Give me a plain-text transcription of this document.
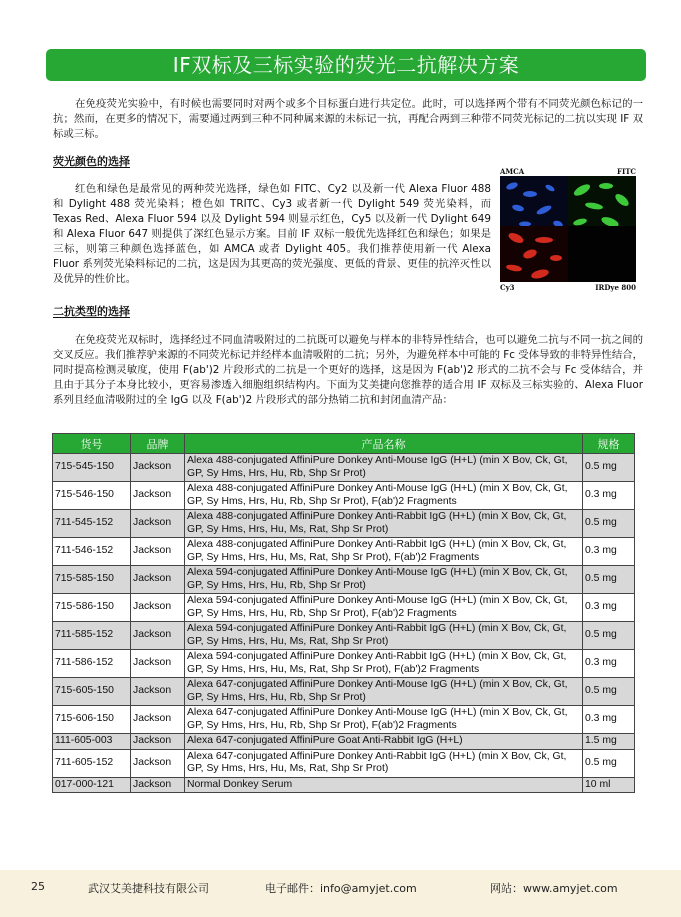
IF双标及三标实验的荧光二抗解决方案

在免疫荧光实验中，有时候也需要同时对两个或多个目标蛋白进行共定位。此时，可以选择两个带有不同荧光颜色标记的一抗；然而，在更多的情况下，需要通过两到三种不同种属来源的未标记一抗，再配合两到三种带不同荧光标记的二抗以实现 IF 双标或三标。

荧光颜色的选择

红色和绿色是最常见的两种荧光选择，绿色如 FITC、Cy2 以及新一代 Alexa Fluor 488 和 Dylight 488 荧光染料；橙色如 TRITC、Cy3 或者新一代 Dylight 549 荧光染料，而 Texas Red、Alexa Fluor 594 以及 Dylight 594 则显示红色，Cy5 以及新一代 Dylight 649 和 Alexa Fluor 647 则提供了深红色显示方案。目前 IF 双标一般优先选择红色和绿色；如果是三标，则第三种颜色选择蓝色，如 AMCA 或者 Dylight 405。我们推荐使用新一代 Alexa Fluor 系列荧光染料标记的二抗，这是因为其更高的荧光强度、更低的背景、更佳的抗淬灭性以及优异的性价比。

AMCA	FITC
Cy3	IRDye 800
二抗类型的选择

在免疫荧光双标时，选择经过不同血清吸附过的二抗既可以避免与样本的非特异性结合，也可以避免二抗与不同一抗之间的交叉反应。我们推荐驴来源的不同荧光标记并经样本血清吸附的二抗；另外，为避免样本中可能的 Fc 受体导致的非特异性结合，同时提高检测灵敏度，使用 F(ab')2 片段形式的二抗是一个更好的选择，这是因为 F(ab')2 形式的二抗不会与 Fc 受体结合，并且由于其分子本身比较小，更容易渗透入细胞组织结构内。下面为艾美捷向您推荐的适合用 IF 双标及三标实验的、Alexa Fluor 系列且经血清吸附过的全 IgG 以及 F(ab')2 片段形式的部分热销二抗和封闭血清产品：

货号	品牌	产品名称	规格
715-545-150	Jackson	Alexa 488-conjugated AffiniPure Donkey Anti-Mouse IgG (H+L) (min X Bov, Ck, Gt, GP, Sy Hms, Hrs, Hu, Rb, Shp Sr Prot)	0.5 mg
715-546-150	Jackson	Alexa 488-conjugated AffiniPure Donkey Anti-Mouse IgG (H+L) (min X Bov, Ck, Gt, GP, Sy Hms, Hrs, Hu, Rb, Shp Sr Prot), F(ab')2 Fragments	0.3 mg
711-545-152	Jackson	Alexa 488-conjugated AffiniPure Donkey Anti-Rabbit IgG (H+L) (min X Bov, Ck, Gt, GP, Sy Hms, Hrs, Hu, Ms, Rat, Shp Sr Prot)	0.5 mg
711-546-152	Jackson	Alexa 488-conjugated AffiniPure Donkey Anti-Rabbit IgG (H+L) (min X Bov, Ck, Gt, GP, Sy Hms, Hrs, Hu, Ms, Rat, Shp Sr Prot), F(ab')2 Fragments	0.3 mg
715-585-150	Jackson	Alexa 594-conjugated AffiniPure Donkey Anti-Mouse IgG (H+L) (min X Bov, Ck, Gt, GP, Sy Hms, Hrs, Hu, Rb, Shp Sr Prot)	0.5 mg
715-586-150	Jackson	Alexa 594-conjugated AffiniPure Donkey Anti-Mouse IgG (H+L) (min X Bov, Ck, Gt, GP, Sy Hms, Hrs, Hu, Rb, Shp Sr Prot), F(ab')2 Fragments	0.3 mg
711-585-152	Jackson	Alexa 594-conjugated AffiniPure Donkey Anti-Rabbit IgG (H+L) (min X Bov, Ck, Gt, GP, Sy Hms, Hrs, Hu, Ms, Rat, Shp Sr Prot)	0.5 mg
711-586-152	Jackson	Alexa 594-conjugated AffiniPure Donkey Anti-Rabbit IgG (H+L) (min X Bov, Ck, Gt, GP, Sy Hms, Hrs, Hu, Ms, Rat, Shp Sr Prot), F(ab')2 Fragments	0.3 mg
715-605-150	Jackson	Alexa 647-conjugated AffiniPure Donkey Anti-Mouse IgG (H+L) (min X Bov, Ck, Gt, GP, Sy Hms, Hrs, Hu, Rb, Shp Sr Prot)	0.5 mg
715-606-150	Jackson	Alexa 647-conjugated AffiniPure Donkey Anti-Mouse IgG (H+L) (min X Bov, Ck, Gt, GP, Sy Hms, Hrs, Hu, Rb, Shp Sr Prot), F(ab')2 Fragments	0.3 mg
111-605-003	Jackson	Alexa 647-conjugated AffiniPure Goat Anti-Rabbit IgG (H+L)	1.5 mg
711-605-152	Jackson	Alexa 647-conjugated AffiniPure Donkey Anti-Rabbit IgG (H+L) (min X Bov, Ck, Gt, GP, Sy Hms, Hrs, Hu, Ms, Rat, Shp Sr Prot)	0.5 mg
017-000-121	Jackson	Normal Donkey Serum	10 ml
25	武汉艾美捷科技有限公司	电子邮件：info@amyjet.com	网站：www.amyjet.com
